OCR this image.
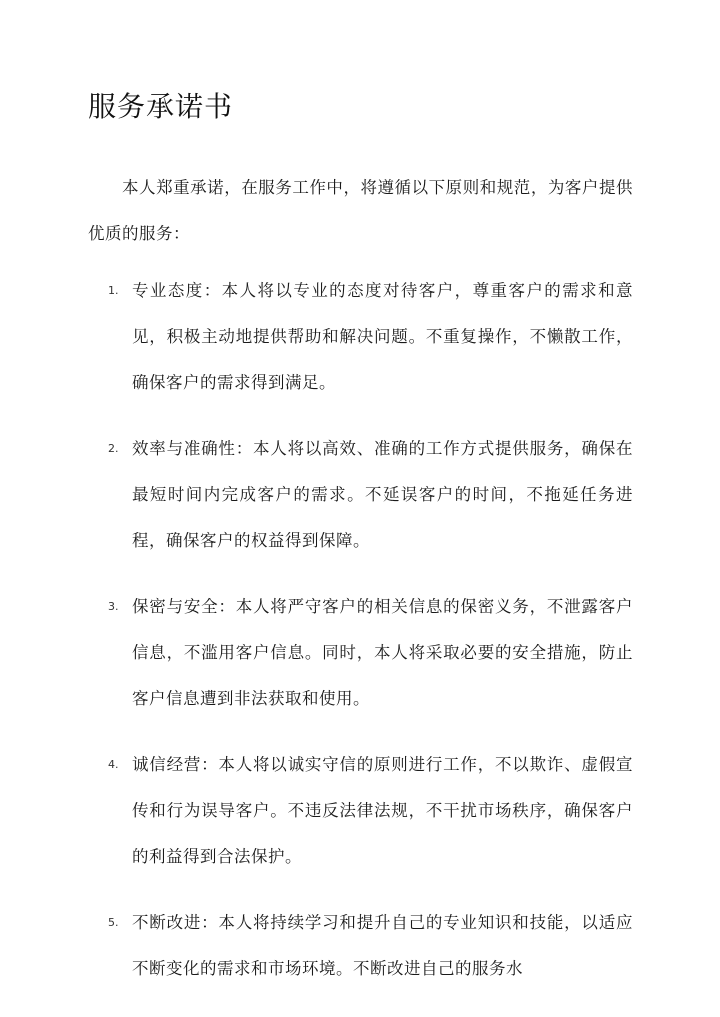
服务承诺书

本人郑重承诺，在服务工作中，将遵循以下原则和规范，为客户提供优质的服务：

1. 专业态度：本人将以专业的态度对待客户，尊重客户的需求和意见，积极主动地提供帮助和解决问题。不重复操作，不懒散工作，确保客户的需求得到满足。
2. 效率与准确性：本人将以高效、准确的工作方式提供服务，确保在最短时间内完成客户的需求。不延误客户的时间，不拖延任务进程，确保客户的权益得到保障。
3. 保密与安全：本人将严守客户的相关信息的保密义务，不泄露客户信息，不滥用客户信息。同时，本人将采取必要的安全措施，防止客户信息遭到非法获取和使用。
4. 诚信经营：本人将以诚实守信的原则进行工作，不以欺诈、虚假宣传和行为误导客户。不违反法律法规，不干扰市场秩序，确保客户的利益得到合法保护。
5. 不断改进：本人将持续学习和提升自己的专业知识和技能，以适应不断变化的需求和市场环境。不断改进自己的服务水
